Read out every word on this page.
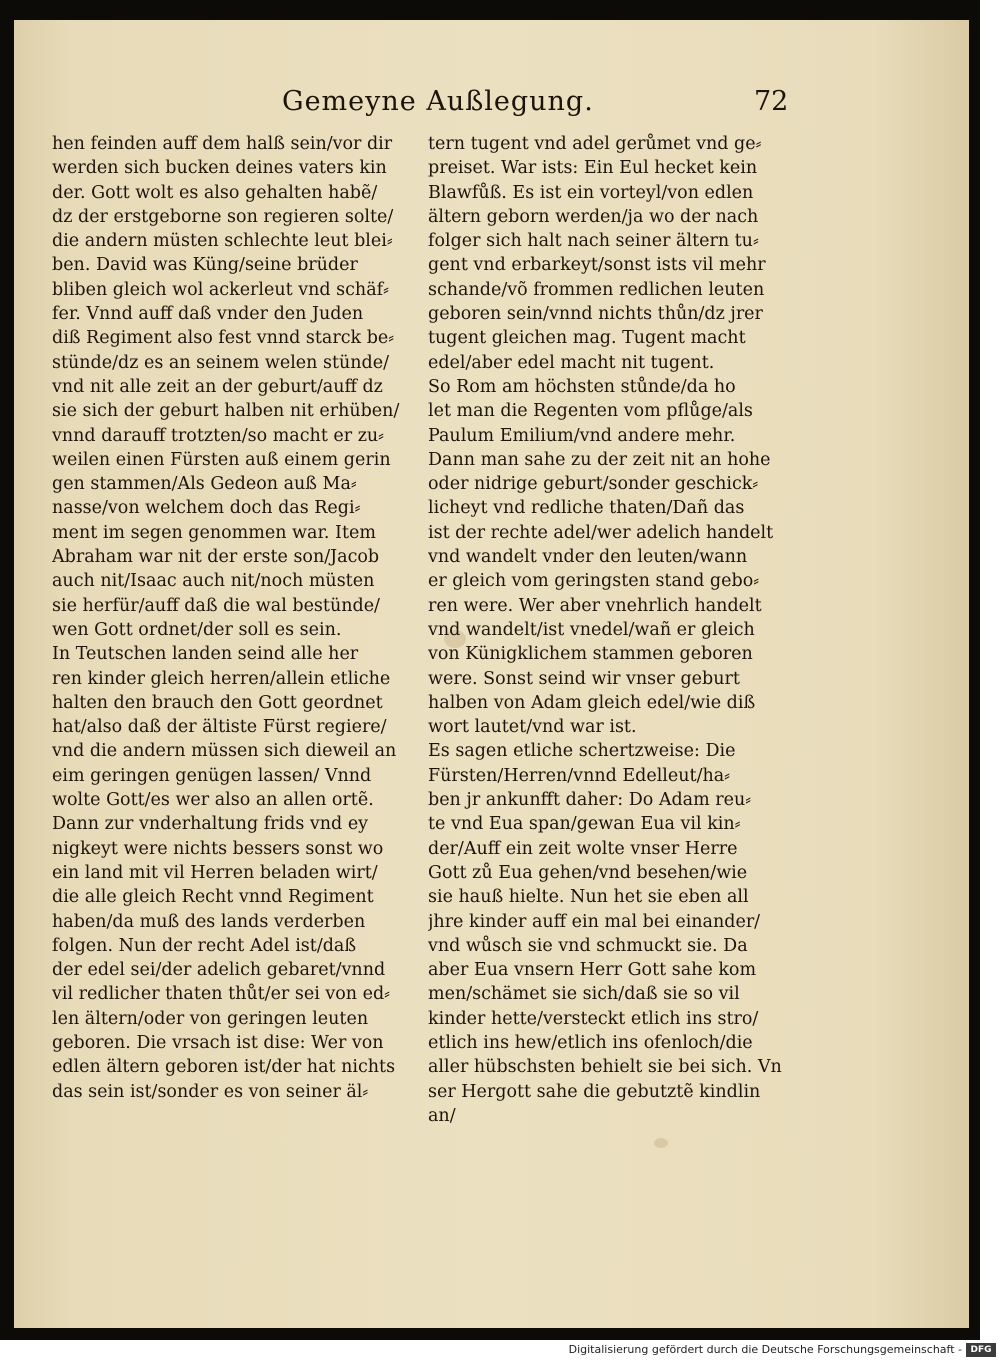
Gemeyne Außlegung.	72
hen feinden auff dem halß sein/vor dir
werden sich bucken deines vaters kin
der. Gott wolt es also gehalten habẽ/
dz der erstgeborne son regieren solte/
die andern müsten schlechte leut blei⸗
ben. David was Küng/seine brüder
bliben gleich wol ackerleut vnd schäf⸗
fer. Vnnd auff daß vnder den Juden
diß Regiment also fest vnnd starck be⸗
stünde/dz es an seinem welen stünde/
vnd nit alle zeit an der geburt/auff dz
sie sich der geburt halben nit erhüben/
vnnd darauff trotzten/so macht er zu⸗
weilen einen Fürsten auß einem gerin
gen stammen/Als Gedeon auß Ma⸗
nasse/von welchem doch das Regi⸗
ment im segen genommen war. Item
Abraham war nit der erste son/Jacob
auch nit/Isaac auch nit/noch müsten
sie herfür/auff daß die wal bestünde/
wen Gott ordnet/der soll es sein.
In Teutschen landen seind alle her
ren kinder gleich herren/allein etliche
halten den brauch den Gott geordnet
hat/also daß der ältiste Fürst regiere/
vnd die andern müssen sich dieweil an
eim geringen genügen lassen/ Vnnd
wolte Gott/es wer also an allen ortẽ.
Dann zur vnderhaltung frids vnd ey
nigkeyt were nichts bessers sonst wo
ein land mit vil Herren beladen wirt/
die alle gleich Recht vnnd Regiment
haben/da muß des lands verderben
folgen. Nun der recht Adel ist/daß
der edel sei/der adelich gebaret/vnnd
vil redlicher thaten thůt/er sei von ed⸗
len ältern/oder von geringen leuten
geboren. Die vrsach ist dise: Wer von
edlen ältern geboren ist/der hat nichts
das sein ist/sonder es von seiner äl⸗
tern tugent vnd adel gerůmet vnd ge⸗
preiset. War ists: Ein Eul hecket kein
Blawfůß. Es ist ein vorteyl/von edlen
ältern geborn werden/ja wo der nach
folger sich halt nach seiner ältern tu⸗
gent vnd erbarkeyt/sonst ists vil mehr
schande/võ frommen redlichen leuten
geboren sein/vnnd nichts thůn/dz jrer
tugent gleichen mag. Tugent macht
edel/aber edel macht nit tugent.
So Rom am höchsten stůnde/da ho
let man die Regenten vom pflůge/als
Paulum Emilium/vnd andere mehr.
Dann man sahe zu der zeit nit an hohe
oder nidrige geburt/sonder geschick⸗
licheyt vnd redliche thaten/Dañ das
ist der rechte adel/wer adelich handelt
vnd wandelt vnder den leuten/wann
er gleich vom geringsten stand gebo⸗
ren were. Wer aber vnehrlich handelt
vnd wandelt/ist vnedel/wañ er gleich
von Künigklichem stammen geboren
were. Sonst seind wir vnser geburt
halben von Adam gleich edel/wie diß
wort lautet/vnd war ist.
Es sagen etliche schertzweise: Die
Fürsten/Herren/vnnd Edelleut/ha⸗
ben jr ankunfft daher: Do Adam reu⸗
te vnd Eua span/gewan Eua vil kin⸗
der/Auff ein zeit wolte vnser Herre
Gott zů Eua gehen/vnd besehen/wie
sie hauß hielte. Nun het sie eben all
jhre kinder auff ein mal bei einander/
vnd wůsch sie vnd schmuckt sie. Da
aber Eua vnsern Herr Gott sahe kom
men/schämet sie sich/daß sie so vil
kinder hette/versteckt etlich ins stro/
etlich ins hew/etlich ins ofenloch/die
aller hübschsten behielt sie bei sich. Vn
ser Hergott sahe die gebutztẽ kindlin
an/
Digitalisierung gefördert durch die Deutsche Forschungsgemeinschaft - DFG
